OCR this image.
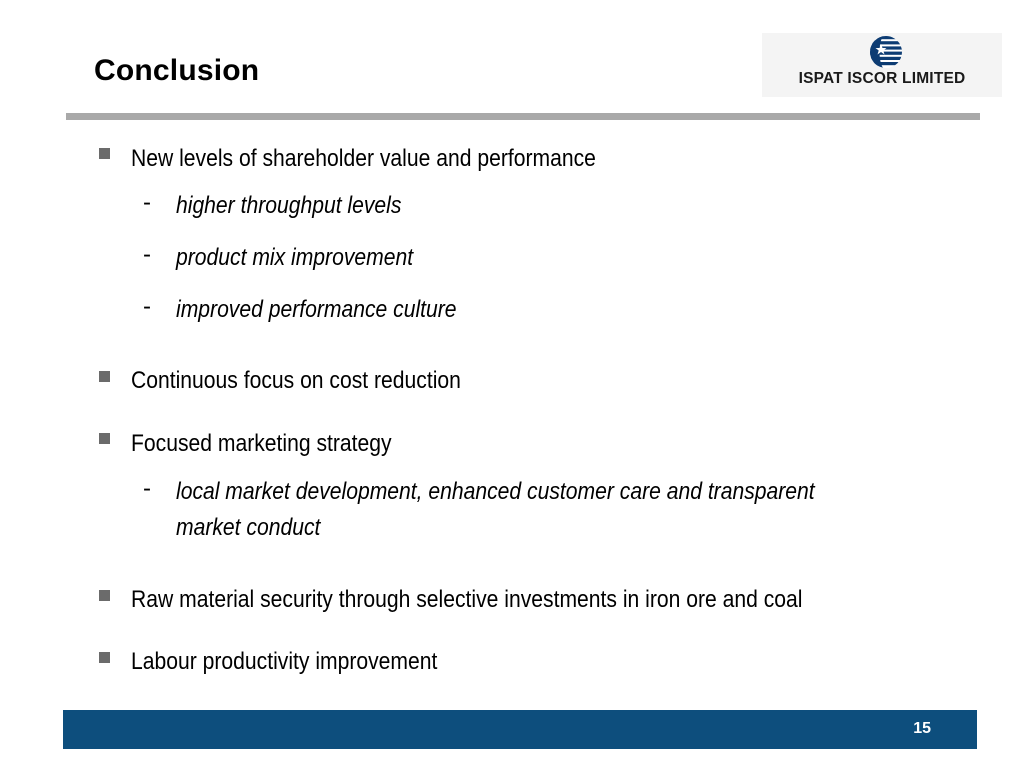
Conclusion	ISPAT ISCOR LIMITED
New levels of shareholder value and performance
- higher throughput levels
- product mix improvement
- improved performance culture
Continuous focus on cost reduction
Focused marketing strategy
- local market development, enhanced customer care and transparent
market conduct
Raw material security through selective investments in iron ore and coal
Labour productivity improvement
15
